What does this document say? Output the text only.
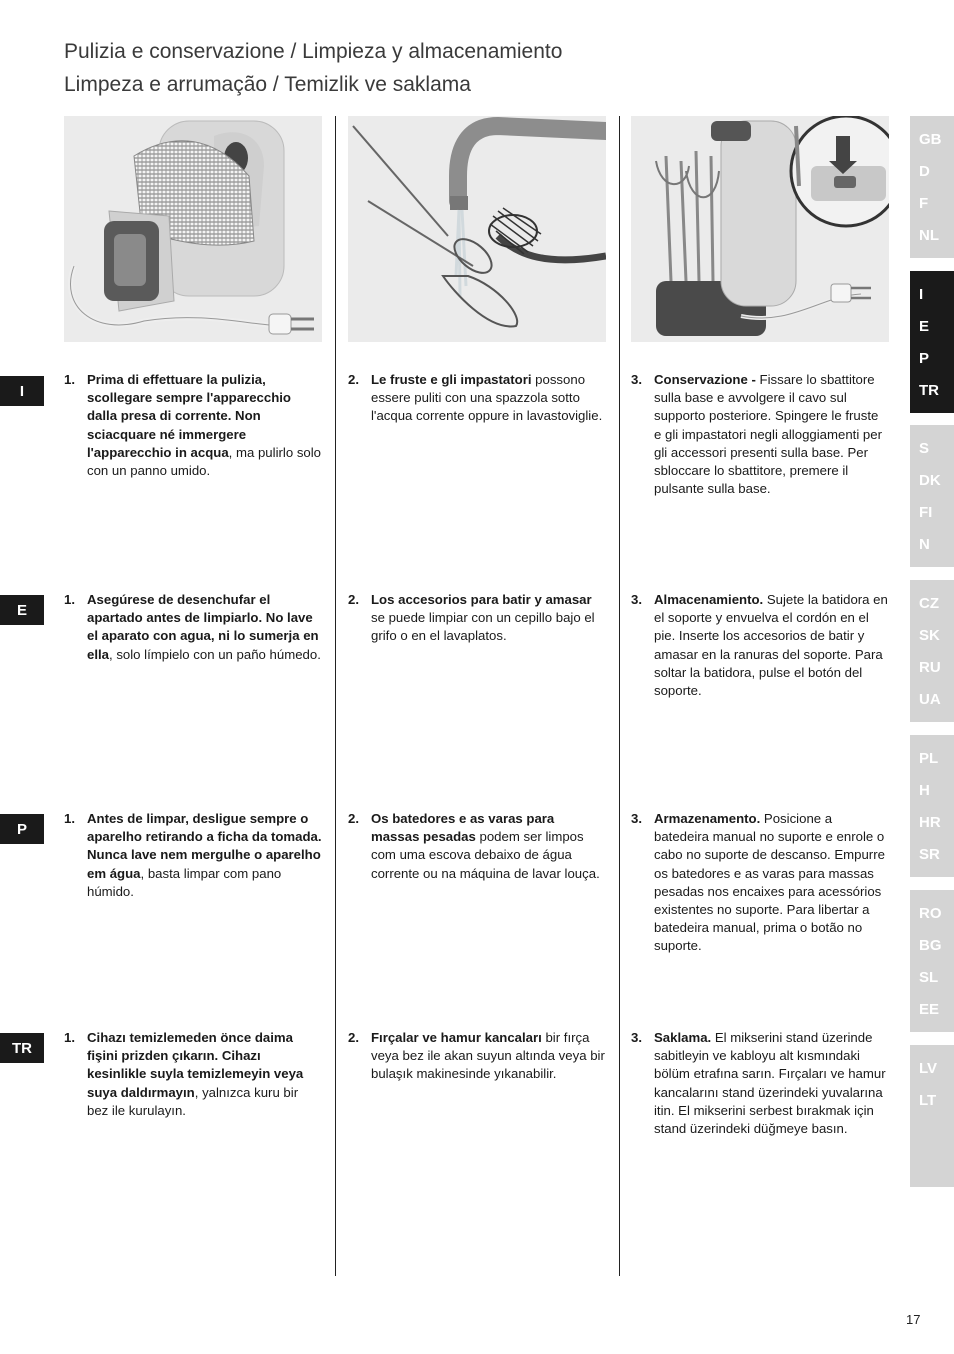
Pulizia e conservazione / Limpieza y almacenamiento
Limpeza e arrumação / Temizlik ve saklama
I
E
P
TR
1. Prima di effettuare la pulizia, scollegare sempre l'apparecchio dalla presa di corrente. Non sciacquare né immergere l'apparecchio in acqua, ma pulirlo solo con un panno umido.
2. Le fruste e gli impastatori possono essere puliti con una spazzola sotto l'acqua corrente oppure in lavastoviglie.
3. Conservazione - Fissare lo sbattitore sulla base e avvolgere il cavo sul supporto posteriore. Spingere le fruste e gli impastatori negli alloggiamenti per gli accessori presenti sulla base. Per sbloccare lo sbattitore, premere il pulsante sulla base.
1. Asegúrese de desenchufar el apartado antes de limpiarlo. No lave el aparato con agua, ni lo sumerja en ella, solo límpielo con un paño húmedo.
2. Los accesorios para batir y amasar se puede limpiar con un cepillo bajo el grifo o en el lavaplatos.
3. Almacenamiento. Sujete la batidora en el soporte y envuelva el cordón en el pie. Inserte los accesorios de batir y amasar en la ranuras del soporte. Para soltar la batidora, pulse el botón del soporte.
1. Antes de limpar, desligue sempre o aparelho retirando a ficha da tomada. Nunca lave nem mergulhe o aparelho em água, basta limpar com pano húmido.
2. Os batedores e as varas para massas pesadas podem ser limpos com uma escova debaixo de água corrente ou na máquina de lavar louça.
3. Armazenamento. Posicione a batedeira manual no suporte e enrole o cabo no suporte de descanso. Empurre os batedores e as varas para massas pesadas nos encaixes para acessórios existentes no suporte. Para libertar a batedeira manual, prima o botão no suporte.
1. Cihazı temizlemeden önce daima fişini prizden çıkarın. Cihazı kesinlikle suyla temizlemeyin veya suya daldırmayın, yalnızca kuru bir bez ile kurulayın.
2. Fırçalar ve hamur kancaları bir fırça veya bez ile akan suyun altında veya bir bulaşık makinesinde yıkanabilir.
3. Saklama. El mikserini stand üzerinde sabitleyin ve kabloyu alt kısmındaki bölüm etrafına sarın. Fırçaları ve hamur kancalarını stand üzerindeki yuvalarına itin. El mikserini serbest bırakmak için stand üzerindeki düğmeye basın.
GB
D
F
NL
I
E
P
TR
S
DK
FI
N
CZ
SK
RU
UA
PL
H
HR
SR
RO
BG
SL
EE
LV
LT
17
